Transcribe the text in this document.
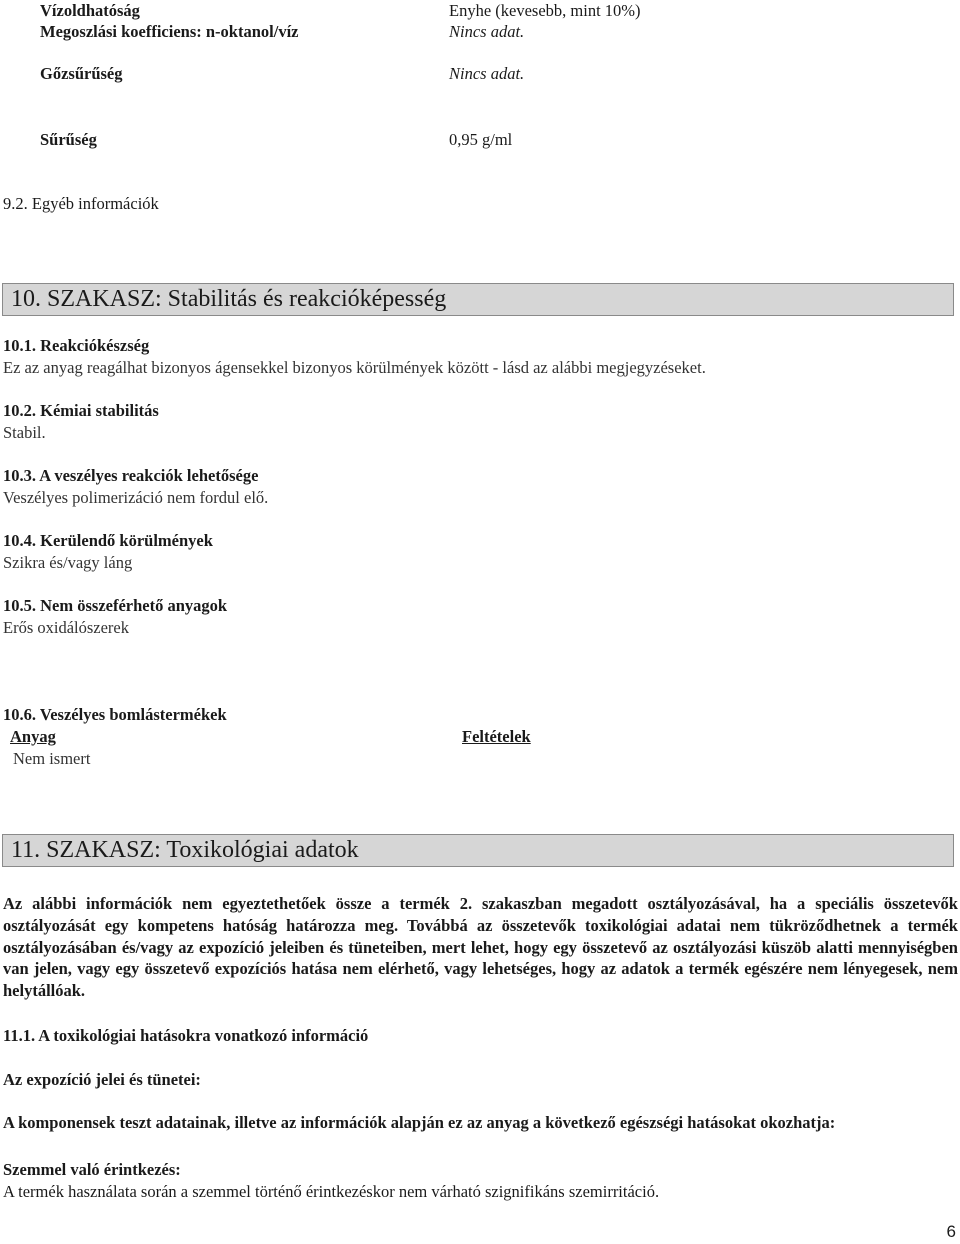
Vízoldhatóság	Enyhe (kevesebb, mint 10%)
Megoszlási koefficiens: n-oktanol/víz	Nincs adat.
Gőzsűrűség	Nincs adat.
Sűrűség	0,95 g/ml
9.2. Egyéb információk
10. SZAKASZ: Stabilitás és reakcióképesség
10.1. Reakciókészség
Ez az anyag reagálhat bizonyos ágensekkel bizonyos körülmények között - lásd az alábbi megjegyzéseket.
10.2. Kémiai stabilitás
Stabil.
10.3. A veszélyes reakciók lehetősége
Veszélyes polimerizáció nem fordul elő.
10.4. Kerülendő körülmények
Szikra és/vagy láng
10.5. Nem összeférhető anyagok
Erős oxidálószerek
10.6. Veszélyes bomlástermékek
Anyag	Feltételek
Nem ismert
11. SZAKASZ: Toxikológiai adatok
Az alábbi információk nem egyeztethetőek össze a termék 2. szakaszban megadott osztályozásával, ha a speciális összetevők osztályozását egy kompetens hatóság határozza meg. Továbbá az összetevők toxikológiai adatai nem tükröződhetnek a termék osztályozásában és/vagy az expozíció jeleiben és tüneteiben, mert lehet, hogy egy összetevő az osztályozási küszöb alatti mennyiségben van jelen, vagy egy összetevő expozíciós hatása nem elérhető, vagy lehetséges, hogy az adatok a termék egészére nem lényegesek, nem helytállóak.
11.1. A toxikológiai hatásokra vonatkozó információ
Az expozíció jelei és tünetei:
A komponensek teszt adatainak, illetve az információk alapján ez az anyag a következő egészségi hatásokat okozhatja:
Szemmel való érintkezés:
A termék használata során a szemmel történő érintkezéskor nem várható szignifikáns szemirritáció.
6
